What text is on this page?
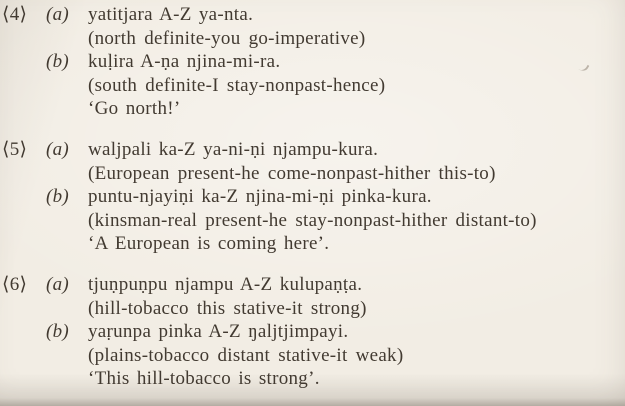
⟨4⟩ (a) yatitjara A-Z ya-nta.
(north definite-you go-imperative)
(b) kuḷira A-ṇa njina-mi-ra.
(south definite-I stay-nonpast-hence)
‘Go north!’
⟨5⟩ (a) waljpali ka-Z ya-ni-ṇi njampu-kura.
(European present-he come-nonpast-hither this-to)
(b) puntu-njayiṇi ka-Z njina-mi-ṇi pinka-kura.
(kinsman-real present-he stay-nonpast-hither distant-to)
‘A European is coming here’.
⟨6⟩ (a) tjuṇpuṇpu njampu A-Z kulupaṇṭa.
(hill-tobacco this stative-it strong)
(b) yaṛunpa pinka A-Z ŋaljtjimpayi.
(plains-tobacco distant stative-it weak)
‘This hill-tobacco is strong’.
